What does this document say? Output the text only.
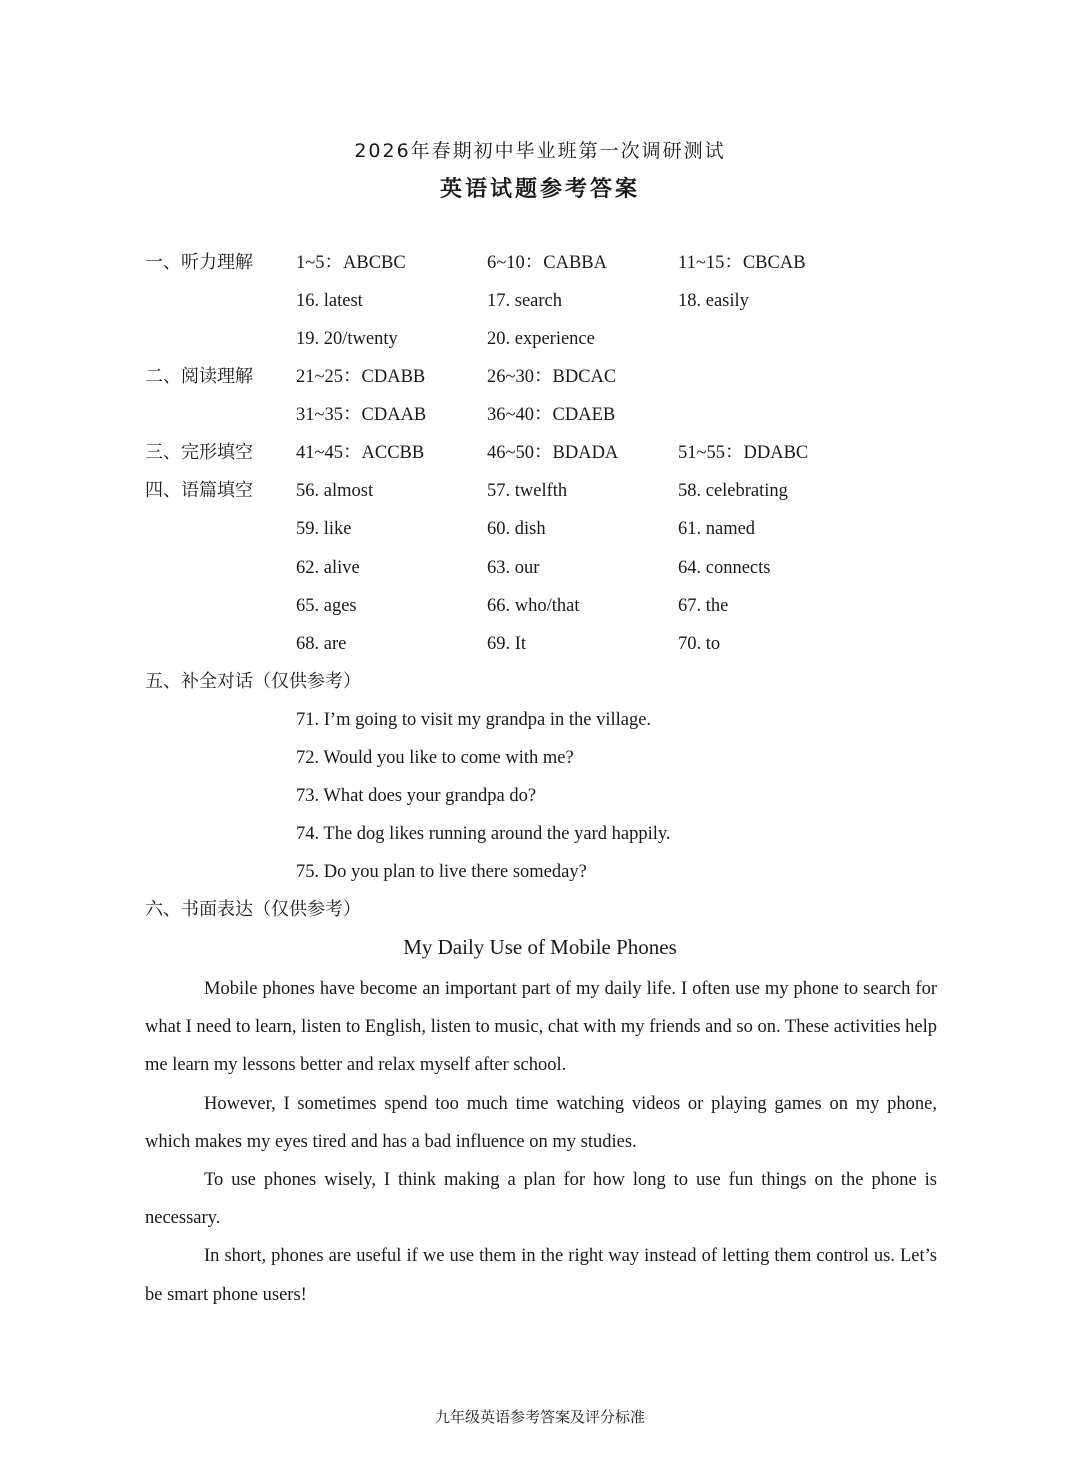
2026年春期初中毕业班第一次调研测试
英语试题参考答案
一、听力理解 1~5：ABCBC	6~10：CABBA	11~15：CBCAB
16. latest	17. search	18. easily
19. 20/twenty	20. experience
二、阅读理解 21~25：CDABB	26~30：BDCAC
31~35：CDAAB	36~40：CDAEB
三、完形填空 41~45：ACCBB	46~50：BDADA	51~55：DDABC
四、语篇填空 56. almost	57. twelfth	58. celebrating
59. like	60. dish	61. named
62. alive	63. our	64. connects
65. ages	66. who/that	67. the
68. are	69. It	70. to
五、补全对话（仅供参考）
71. I’m going to visit my grandpa in the village.
72. Would you like to come with me?
73. What does your grandpa do?
74. The dog likes running around the yard happily.
75. Do you plan to live there someday?
六、书面表达（仅供参考）
My Daily Use of Mobile Phones

Mobile phones have become an important part of my daily life. I often use my phone to search for what I need to learn, listen to English, listen to music, chat with my friends and so on. These activities help me learn my lessons better and relax myself after school.

However, I sometimes spend too much time watching videos or playing games on my phone, which makes my eyes tired and has a bad influence on my studies.

To use phones wisely, I think making a plan for how long to use fun things on the phone is necessary.

In short, phones are useful if we use them in the right way instead of letting them control us. Let’s be smart phone users!

九年级英语参考答案及评分标准
